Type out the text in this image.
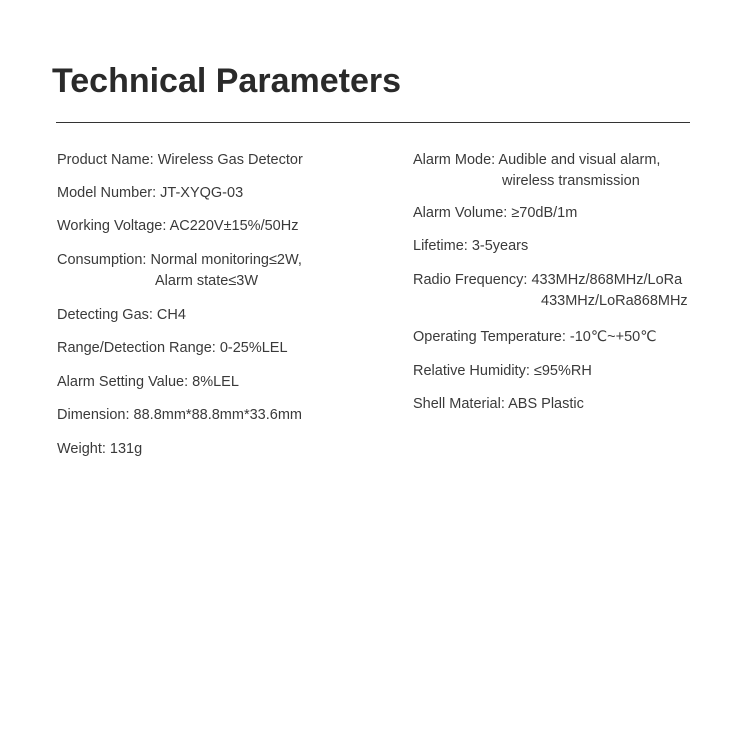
Technical Parameters
Product Name: Wireless Gas Detector
Model Number: JT-XYQG-03
Working Voltage: AC220V±15%/50Hz
Consumption: Normal monitoring≤2W,
Alarm state≤3W
Detecting Gas: CH4
Range/Detection Range: 0-25%LEL
Alarm Setting Value: 8%LEL
Dimension: 88.8mm*88.8mm*33.6mm
Weight: 131g
Alarm Mode: Audible and visual alarm,
wireless transmission
Alarm Volume: ≥70dB/1m
Lifetime: 3-5years
Radio Frequency: 433MHz/868MHz/LoRa
433MHz/LoRa868MHz
Operating Temperature: -10℃~+50℃
Relative Humidity: ≤95%RH
Shell Material: ABS Plastic
